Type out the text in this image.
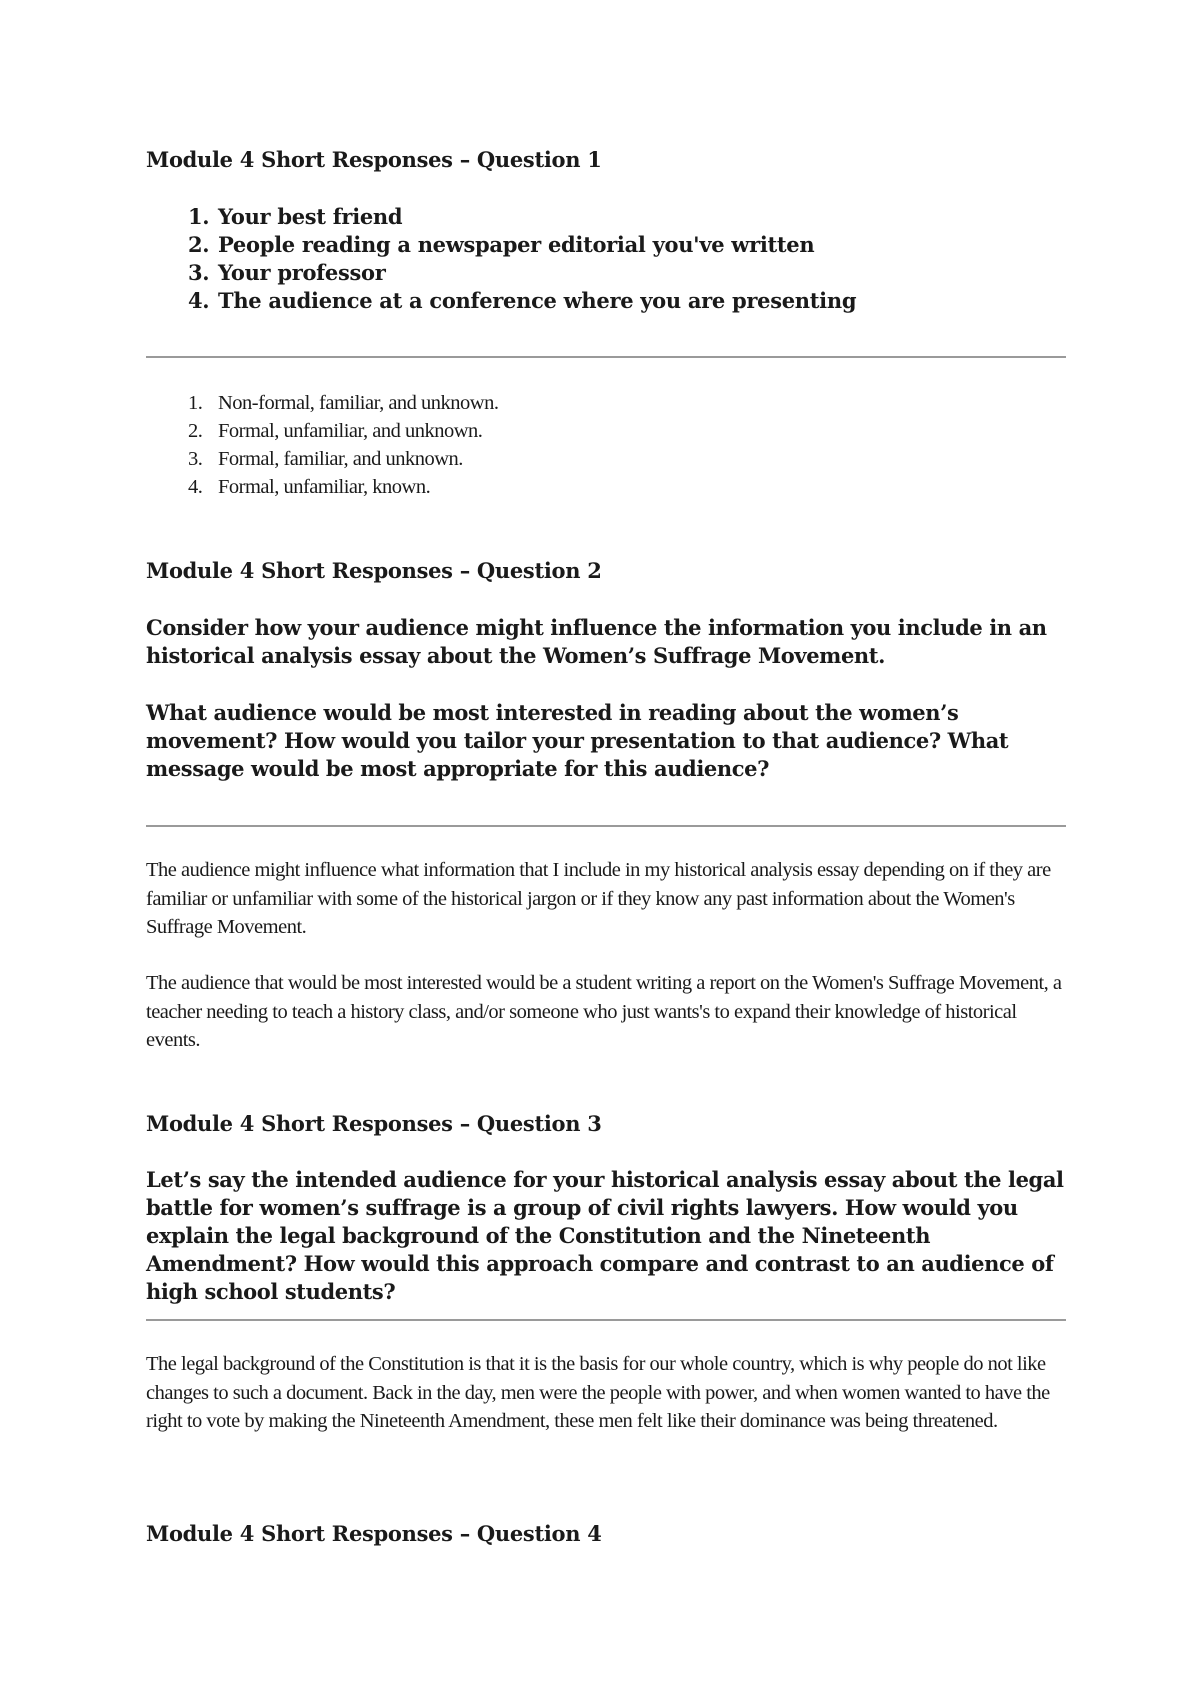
Module 4 Short Responses – Question 1

1. Your best friend
2. People reading a newspaper editorial you've written
3. Your professor
4. The audience at a conference where you are presenting
1. Non-formal, familiar, and unknown.
2. Formal, unfamiliar, and unknown.
3. Formal, familiar, and unknown.
4. Formal, unfamiliar, known.

Module 4 Short Responses – Question 2

Consider how your audience might influence the information you include in an historical analysis essay about the Women’s Suffrage Movement.

What audience would be most interested in reading about the women’s movement? How would you tailor your presentation to that audience? What message would be most appropriate for this audience?

The audience might influence what information that I include in my historical analysis essay depending on if they are familiar or unfamiliar with some of the historical jargon or if they know any past information about the Women's Suffrage Movement.

The audience that would be most interested would be a student writing a report on the Women's Suffrage Movement, a teacher needing to teach a history class, and/or someone who just wants's to expand their knowledge of historical events.

Module 4 Short Responses – Question 3

Let’s say the intended audience for your historical analysis essay about the legal battle for women’s suffrage is a group of civil rights lawyers. How would you explain the legal background of the Constitution and the Nineteenth Amendment? How would this approach compare and contrast to an audience of high school students?

The legal background of the Constitution is that it is the basis for our whole country, which is why people do not like changes to such a document. Back in the day, men were the people with power, and when women wanted to have the right to vote by making the Nineteenth Amendment, these men felt like their dominance was being threatened.

Module 4 Short Responses – Question 4
